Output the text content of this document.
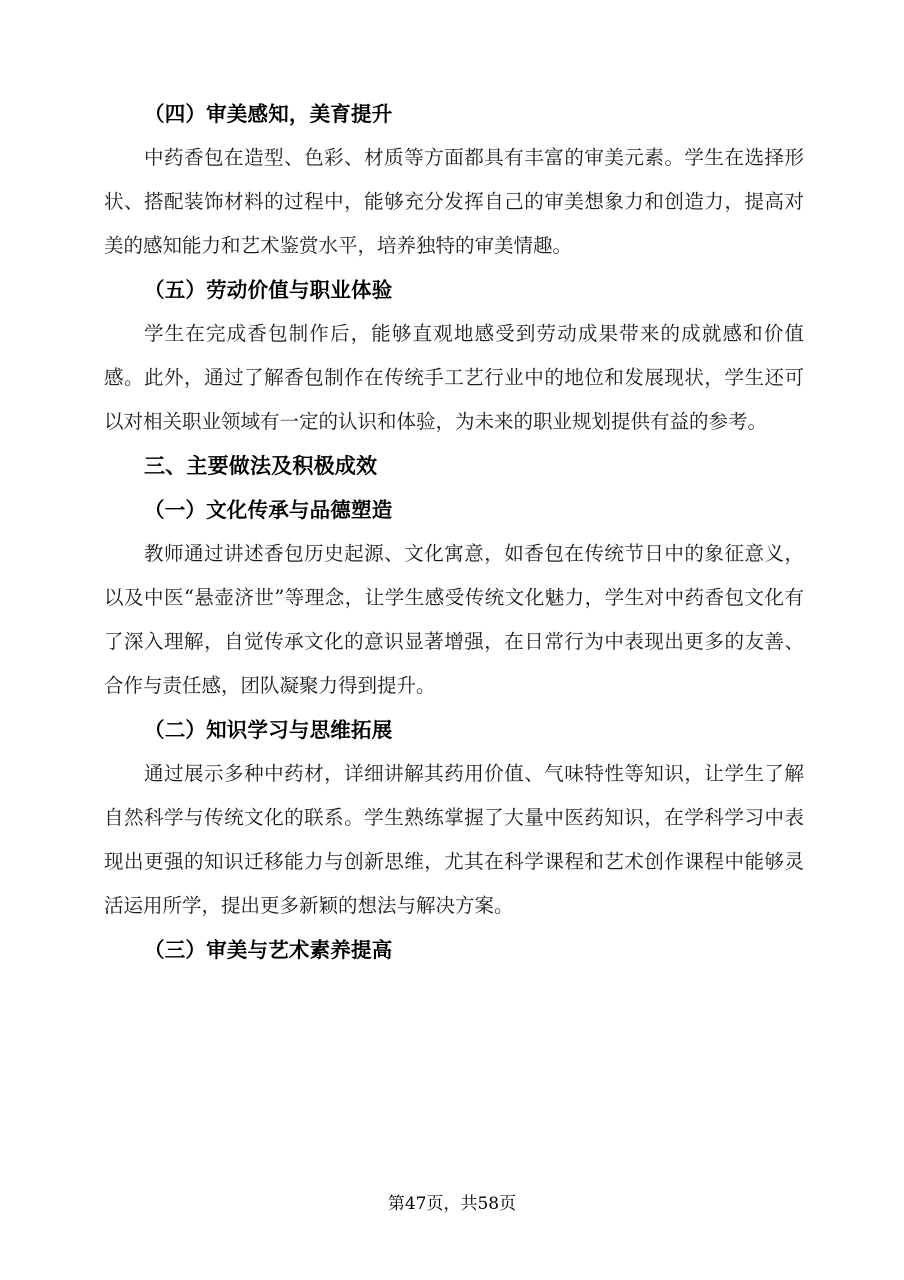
（四）审美感知，美育提升

中药香包在造型、色彩、材质等方面都具有丰富的审美元素。学生在选择形状、搭配装饰材料的过程中，能够充分发挥自己的审美想象力和创造力，提高对美的感知能力和艺术鉴赏水平，培养独特的审美情趣。

（五）劳动价值与职业体验

学生在完成香包制作后，能够直观地感受到劳动成果带来的成就感和价值感。此外，通过了解香包制作在传统手工艺行业中的地位和发展现状，学生还可以对相关职业领域有一定的认识和体验，为未来的职业规划提供有益的参考。

三、主要做法及积极成效

（一）文化传承与品德塑造

教师通过讲述香包历史起源、文化寓意，如香包在传统节日中的象征意义，以及中医“悬壶济世”等理念，让学生感受传统文化魅力，学生对中药香包文化有了深入理解，自觉传承文化的意识显著增强，在日常行为中表现出更多的友善、合作与责任感，团队凝聚力得到提升。

（二）知识学习与思维拓展

通过展示多种中药材，详细讲解其药用价值、气味特性等知识，让学生了解自然科学与传统文化的联系。学生熟练掌握了大量中医药知识，在学科学习中表现出更强的知识迁移能力与创新思维，尤其在科学课程和艺术创作课程中能够灵活运用所学，提出更多新颖的想法与解决方案。

（三）审美与艺术素养提高

第47页，共58页
